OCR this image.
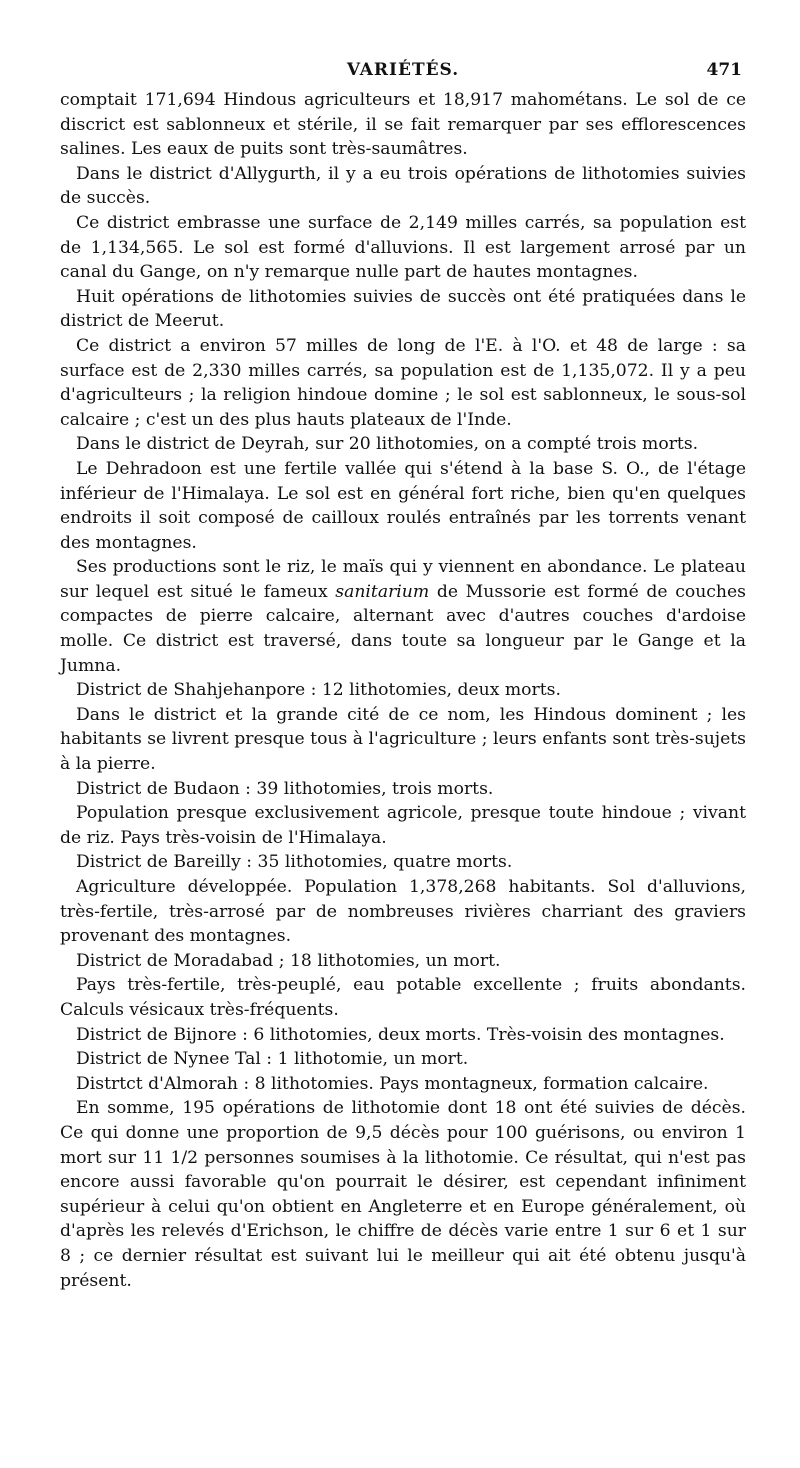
VARIÉTÉS.	471

comptait 171,694 Hindous agriculteurs et 18,917 mahométans. Le sol de ce discrict est sablonneux et stérile, il se fait remarquer par ses efflorescences salines. Les eaux de puits sont très-saumâtres.

Dans le district d'Allygurth, il y a eu trois opérations de lithotomies suivies de succès.

Ce district embrasse une surface de 2,149 milles carrés, sa population est de 1,134,565. Le sol est formé d'alluvions. Il est largement arrosé par un canal du Gange, on n'y remarque nulle part de hautes montagnes.

Huit opérations de lithotomies suivies de succès ont été pratiquées dans le district de Meerut.

Ce district a environ 57 milles de long de l'E. à l'O. et 48 de large : sa surface est de 2,330 milles carrés, sa population est de 1,135,072. Il y a peu d'agriculteurs ; la religion hindoue domine ; le sol est sablonneux, le sous-sol calcaire ; c'est un des plus hauts plateaux de l'Inde.

Dans le district de Deyrah, sur 20 lithotomies, on a compté trois morts.

Le Dehradoon est une fertile vallée qui s'étend à la base S. O., de l'étage inférieur de l'Himalaya. Le sol est en général fort riche, bien qu'en quelques endroits il soit composé de cailloux roulés entraînés par les torrents venant des montagnes.

Ses productions sont le riz, le maïs qui y viennent en abondance. Le plateau sur lequel est situé le fameux sanitarium de Mussorie est formé de couches compactes de pierre calcaire, alternant avec d'autres couches d'ardoise molle. Ce district est traversé, dans toute sa longueur par le Gange et la Jumna.

District de Shahjehanpore : 12 lithotomies, deux morts.

Dans le district et la grande cité de ce nom, les Hindous dominent ; les habitants se livrent presque tous à l'agriculture ; leurs enfants sont très-sujets à la pierre.

District de Budaon : 39 lithotomies, trois morts.

Population presque exclusivement agricole, presque toute hindoue ; vivant de riz. Pays très-voisin de l'Himalaya.

District de Bareilly : 35 lithotomies, quatre morts.

Agriculture développée. Population 1,378,268 habitants. Sol d'alluvions, très-fertile, très-arrosé par de nombreuses rivières charriant des graviers provenant des montagnes.

District de Moradabad ; 18 lithotomies, un mort.

Pays très-fertile, très-peuplé, eau potable excellente ; fruits abondants. Calculs vésicaux très-fréquents.

District de Bijnore : 6 lithotomies, deux morts. Très-voisin des montagnes.

District de Nynee Tal : 1 lithotomie, un mort.

Distrtct d'Almorah : 8 lithotomies. Pays montagneux, formation calcaire.

En somme, 195 opérations de lithotomie dont 18 ont été suivies de décès. Ce qui donne une proportion de 9,5 décès pour 100 guérisons, ou environ 1 mort sur 11 1/2 personnes soumises à la lithotomie. Ce résultat, qui n'est pas encore aussi favorable qu'on pourrait le désirer, est cependant infiniment supérieur à celui qu'on obtient en Angleterre et en Europe généralement, où d'après les relevés d'Erichson, le chiffre de décès varie entre 1 sur 6 et 1 sur 8 ; ce dernier résultat est suivant lui le meilleur qui ait été obtenu jusqu'à présent.
